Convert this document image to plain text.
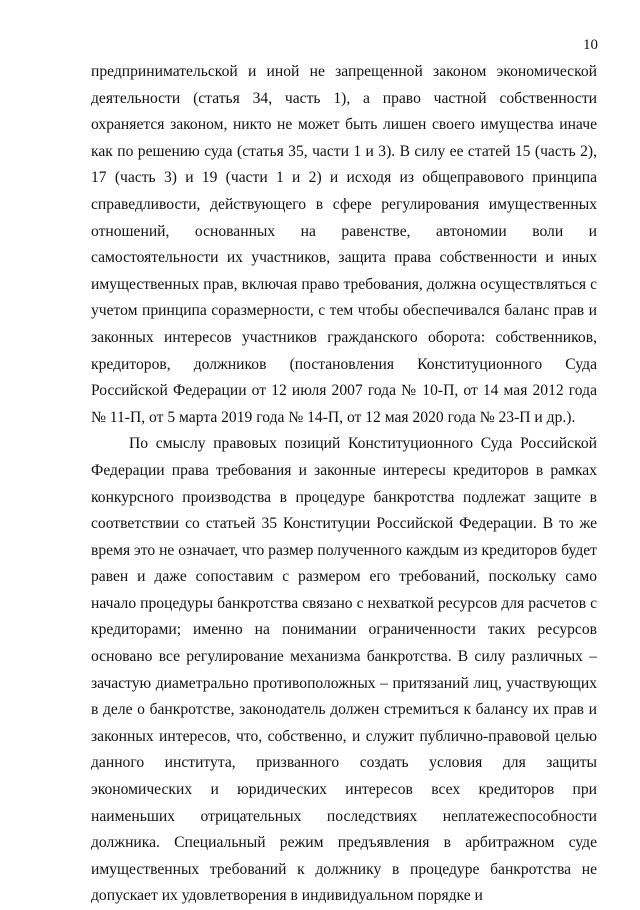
10

предпринимательской и иной не запрещенной законом экономической деятельности (статья 34, часть 1), а право частной собственности охраняется законом, никто не может быть лишен своего имущества иначе как по решению суда (статья 35, части 1 и 3). В силу ее статей 15 (часть 2), 17 (часть 3) и 19 (части 1 и 2) и исходя из общеправового принципа справедливости, действующего в сфере регулирования имущественных отношений, основанных на равенстве, автономии воли и самостоятельности их участников, защита права собственности и иных имущественных прав, включая право требования, должна осуществляться с учетом принципа соразмерности, с тем чтобы обеспечивался баланс прав и законных интересов участников гражданского оборота: собственников, кредиторов, должников (постановления Конституционного Суда Российской Федерации от 12 июля 2007 года № 10-П, от 14 мая 2012 года № 11-П, от 5 марта 2019 года № 14-П, от 12 мая 2020 года № 23-П и др.).

По смыслу правовых позиций Конституционного Суда Российской Федерации права требования и законные интересы кредиторов в рамках конкурсного производства в процедуре банкротства подлежат защите в соответствии со статьей 35 Конституции Российской Федерации. В то же время это не означает, что размер полученного каждым из кредиторов будет равен и даже сопоставим с размером его требований, поскольку само начало процедуры банкротства связано с нехваткой ресурсов для расчетов с кредиторами; именно на понимании ограниченности таких ресурсов основано все регулирование механизма банкротства. В силу различных – зачастую диаметрально противоположных – притязаний лиц, участвующих в деле о банкротстве, законодатель должен стремиться к балансу их прав и законных интересов, что, собственно, и служит публично-правовой целью данного института, призванного создать условия для защиты экономических и юридических интересов всех кредиторов при наименьших отрицательных последствиях неплатежеспособности должника. Специальный режим предъявления в арбитражном суде имущественных требований к должнику в процедуре банкротства не допускает их удовлетворения в индивидуальном порядке и
